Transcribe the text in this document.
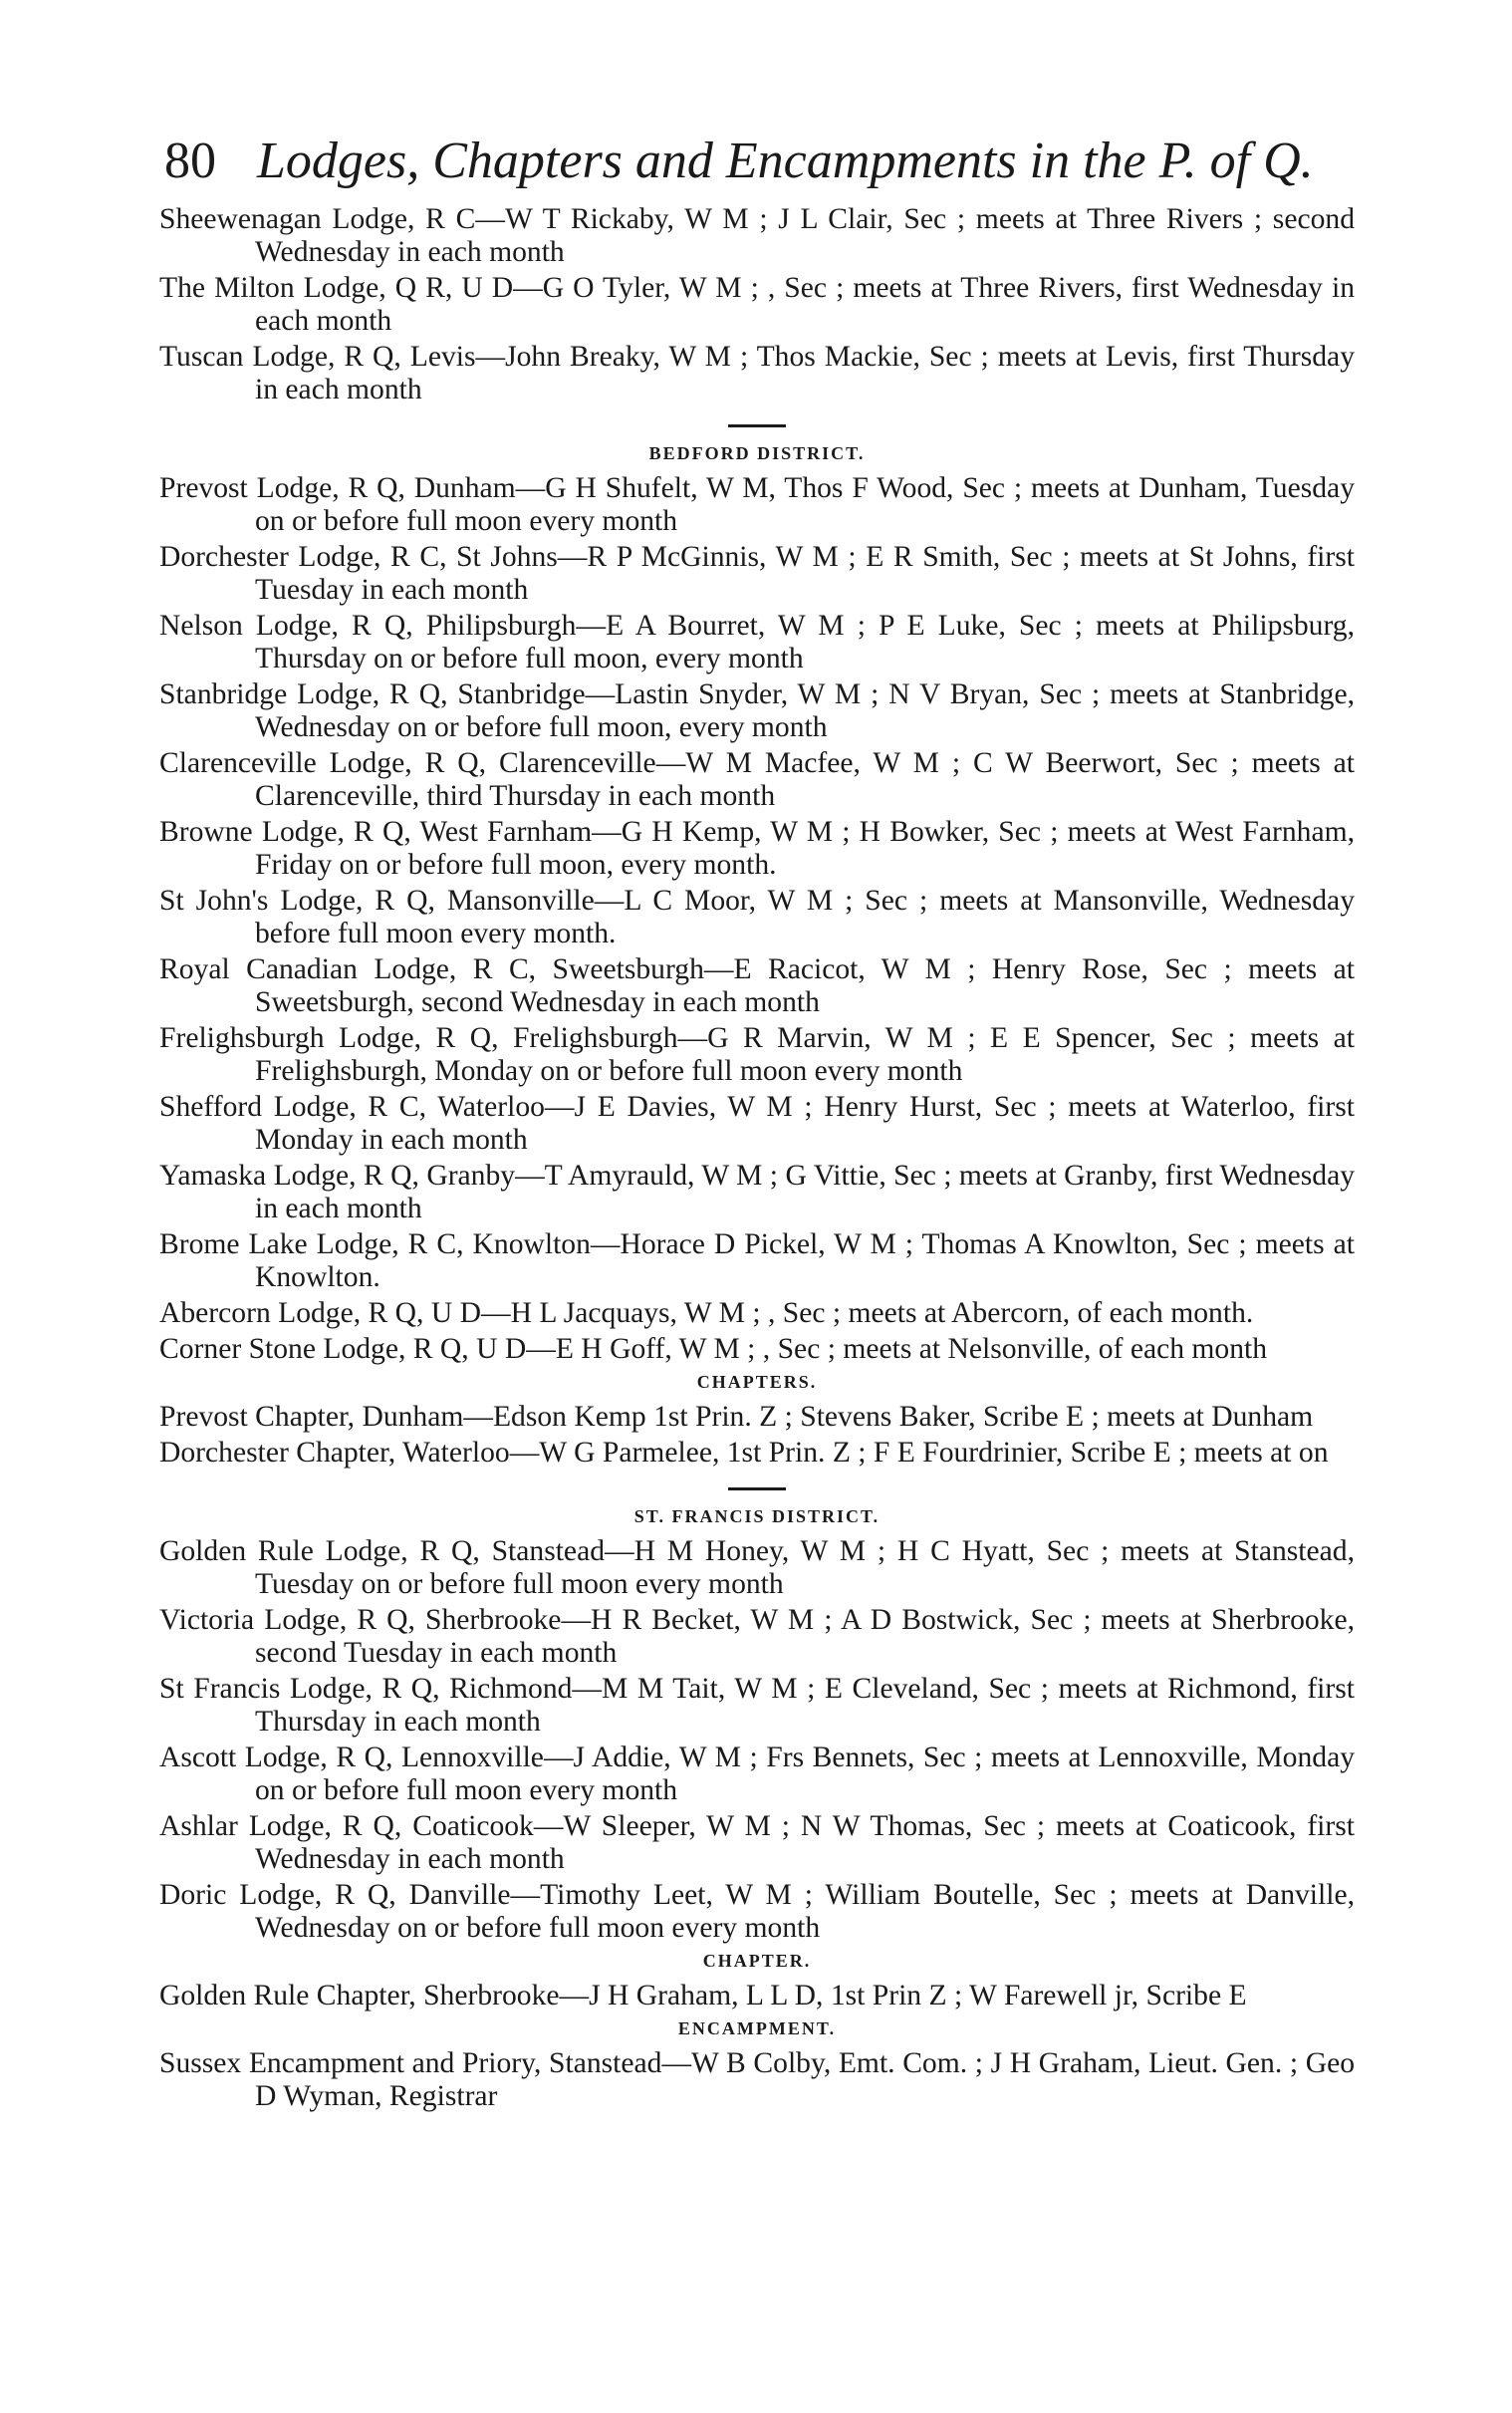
80 Lodges, Chapters and Encampments in the P. of Q.

Sheewenagan Lodge, R C—W T Rickaby, W M ; J L Clair, Sec ; meets at Three Rivers ; second Wednesday in each month

The Milton Lodge, Q R, U D—G O Tyler, W M ; , Sec ; meets at Three Rivers, first Wednesday in each month

Tuscan Lodge, R Q, Levis—John Breaky, W M ; Thos Mackie, Sec ; meets at Levis, first Thursday in each month

BEDFORD DISTRICT.

Prevost Lodge, R Q, Dunham—G H Shufelt, W M, Thos F Wood, Sec ; meets at Dunham, Tuesday on or before full moon every month

Dorchester Lodge, R C, St Johns—R P McGinnis, W M ; E R Smith, Sec ; meets at St Johns, first Tuesday in each month

Nelson Lodge, R Q, Philipsburgh—E A Bourret, W M ; P E Luke, Sec ; meets at Philipsburg, Thursday on or before full moon, every month

Stanbridge Lodge, R Q, Stanbridge—Lastin Snyder, W M ; N V Bryan, Sec ; meets at Stanbridge, Wednesday on or before full moon, every month

Clarenceville Lodge, R Q, Clarenceville—W M Macfee, W M ; C W Beerwort, Sec ; meets at Clarenceville, third Thursday in each month

Browne Lodge, R Q, West Farnham—G H Kemp, W M ; H Bowker, Sec ; meets at West Farnham, Friday on or before full moon, every month.

St John's Lodge, R Q, Mansonville—L C Moor, W M ; Sec ; meets at Mansonville, Wednesday before full moon every month.

Royal Canadian Lodge, R C, Sweetsburgh—E Racicot, W M ; Henry Rose, Sec ; meets at Sweetsburgh, second Wednesday in each month

Frelighsburgh Lodge, R Q, Frelighsburgh—G R Marvin, W M ; E E Spencer, Sec ; meets at Frelighsburgh, Monday on or before full moon every month

Shefford Lodge, R C, Waterloo—J E Davies, W M ; Henry Hurst, Sec ; meets at Waterloo, first Monday in each month

Yamaska Lodge, R Q, Granby—T Amyrauld, W M ; G Vittie, Sec ; meets at Granby, first Wednesday in each month

Brome Lake Lodge, R C, Knowlton—Horace D Pickel, W M ; Thomas A Knowlton, Sec ; meets at Knowlton.

Abercorn Lodge, R Q, U D—H L Jacquays, W M ; , Sec ; meets at Abercorn, of each month.

Corner Stone Lodge, R Q, U D—E H Goff, W M ; , Sec ; meets at Nelsonville, of each month

CHAPTERS.

Prevost Chapter, Dunham—Edson Kemp 1st Prin. Z ; Stevens Baker, Scribe E ; meets at Dunham

Dorchester Chapter, Waterloo—W G Parmelee, 1st Prin. Z ; F E Fourdrinier, Scribe E ; meets at on

ST. FRANCIS DISTRICT.

Golden Rule Lodge, R Q, Stanstead—H M Honey, W M ; H C Hyatt, Sec ; meets at Stanstead, Tuesday on or before full moon every month

Victoria Lodge, R Q, Sherbrooke—H R Becket, W M ; A D Bostwick, Sec ; meets at Sherbrooke, second Tuesday in each month

St Francis Lodge, R Q, Richmond—M M Tait, W M ; E Cleveland, Sec ; meets at Richmond, first Thursday in each month

Ascott Lodge, R Q, Lennoxville—J Addie, W M ; Frs Bennets, Sec ; meets at Lennoxville, Monday on or before full moon every month

Ashlar Lodge, R Q, Coaticook—W Sleeper, W M ; N W Thomas, Sec ; meets at Coaticook, first Wednesday in each month

Doric Lodge, R Q, Danville—Timothy Leet, W M ; William Boutelle, Sec ; meets at Danville, Wednesday on or before full moon every month

CHAPTER.

Golden Rule Chapter, Sherbrooke—J H Graham, L L D, 1st Prin Z ; W Farewell jr, Scribe E

ENCAMPMENT.

Sussex Encampment and Priory, Stanstead—W B Colby, Emt. Com. ; J H Graham, Lieut. Gen. ; Geo D Wyman, Registrar
